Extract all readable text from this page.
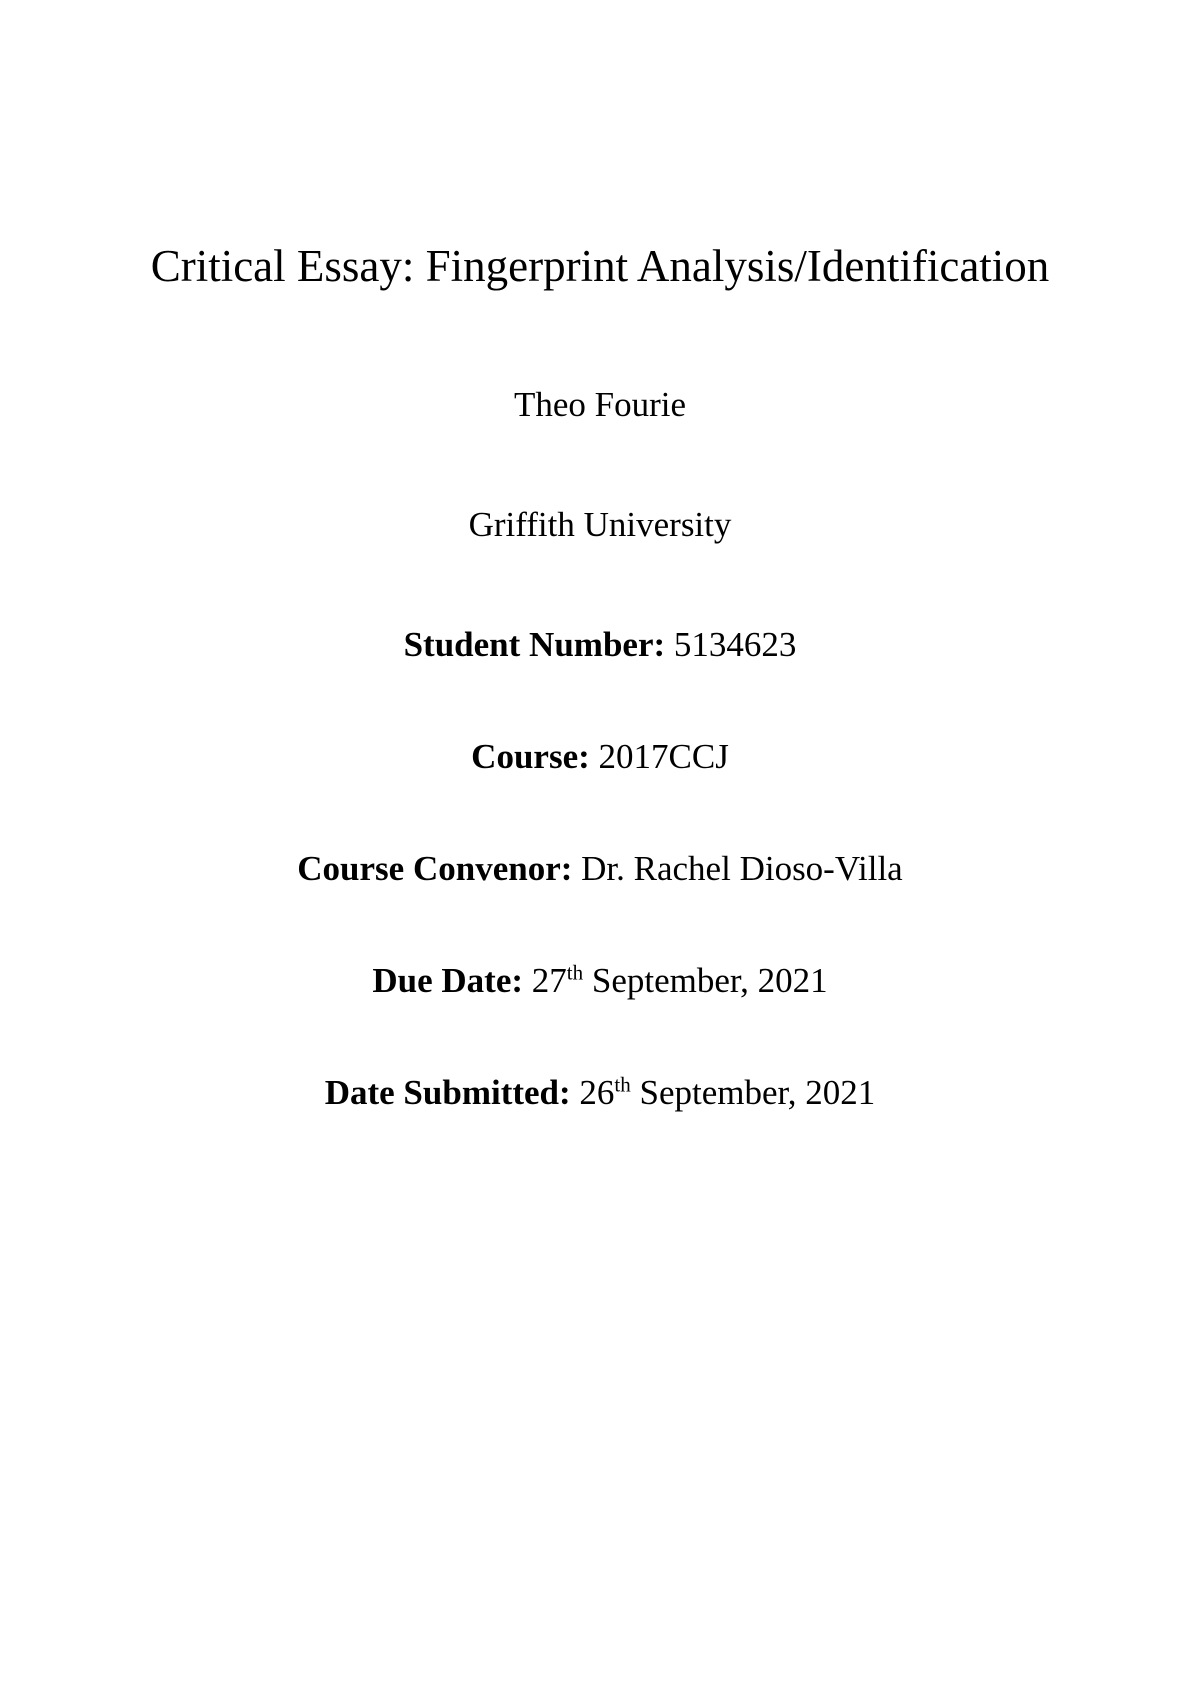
Critical Essay: Fingerprint Analysis/Identification
Theo Fourie
Griffith University
Student Number: 5134623
Course: 2017CCJ
Course Convenor: Dr. Rachel Dioso-Villa
Due Date: 27th September, 2021
Date Submitted: 26th September, 2021
